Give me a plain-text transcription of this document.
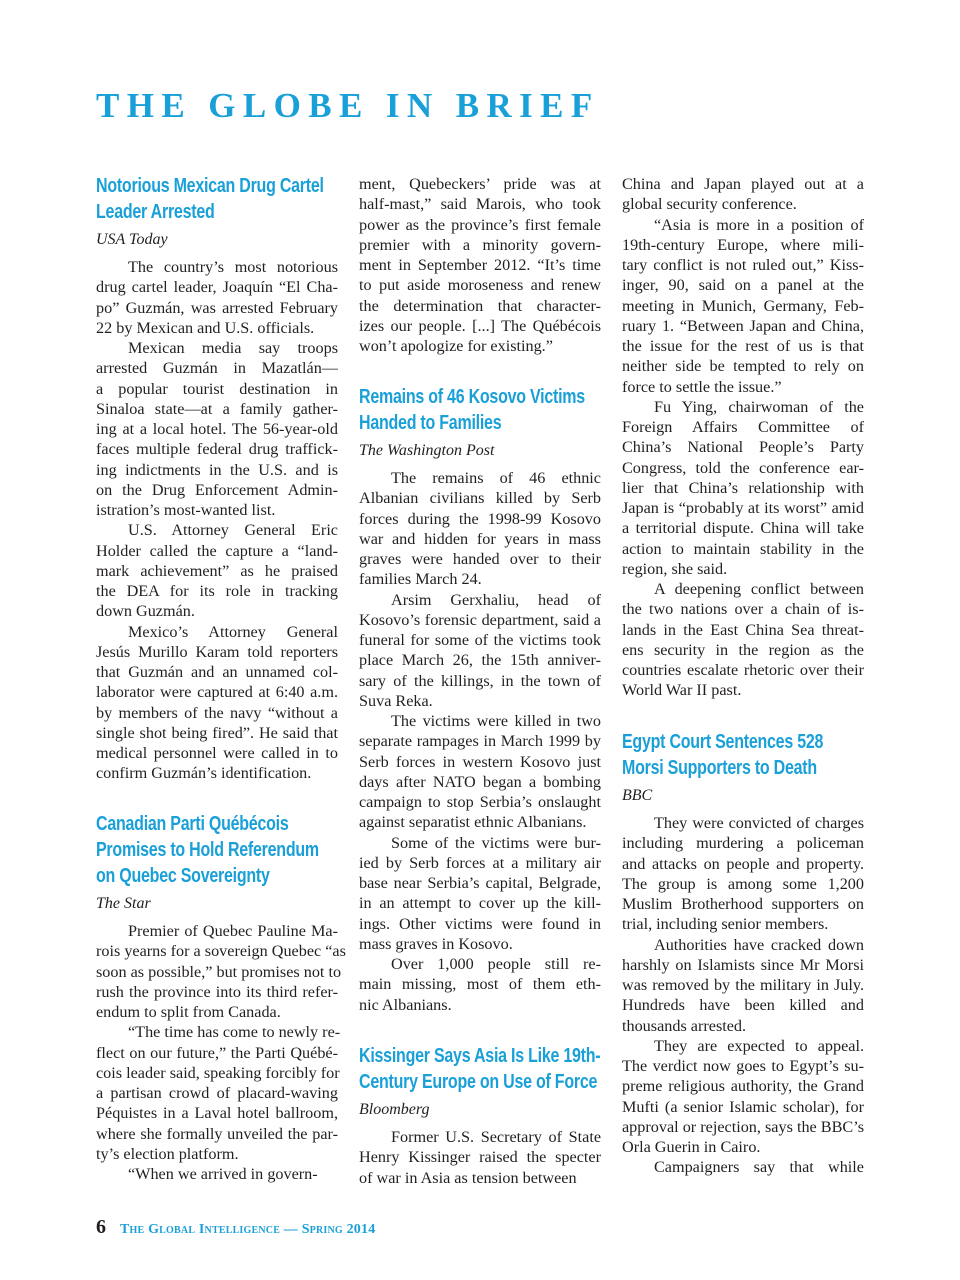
THE GLOBE IN BRIEF
Notorious Mexican Drug Cartel
Leader Arrested
USA Today
The country’s most notorious
drug cartel leader, Joaquín “El Cha-
po” Guzmán, was arrested February
22 by Mexican and U.S. officials.
Mexican media say troops
arrested Guzmán in Mazatlán—
a popular tourist destination in
Sinaloa state—at a family gather-
ing at a local hotel. The 56-year-old
faces multiple federal drug traffick-
ing indictments in the U.S. and is
on the Drug Enforcement Admin-
istration’s most-wanted list.
U.S. Attorney General Eric
Holder called the capture a “land-
mark achievement” as he praised
the DEA for its role in tracking
down Guzmán.
Mexico’s Attorney General
Jesús Murillo Karam told reporters
that Guzmán and an unnamed col-
laborator were captured at 6:40 a.m.
by members of the navy “without a
single shot being fired”. He said that
medical personnel were called in to
confirm Guzmán’s identification.
Canadian Parti Québécois
Promises to Hold Referendum
on Quebec Sovereignty
The Star
Premier of Quebec Pauline Ma-
rois yearns for a sovereign Quebec “as
soon as possible,” but promises not to
rush the province into its third refer-
endum to split from Canada.
“The time has come to newly re-
flect on our future,” the Parti Québé-
cois leader said, speaking forcibly for
a partisan crowd of placard-waving
Péquistes in a Laval hotel ballroom,
where she formally unveiled the par-
ty’s election platform.
“When we arrived in govern-
ment, Quebeckers’ pride was at
half-mast,” said Marois, who took
power as the province’s first female
premier with a minority govern-
ment in September 2012. “It’s time
to put aside moroseness and renew
the determination that character-
izes our people. [...] The Québécois
won’t apologize for existing.”
Remains of 46 Kosovo Victims
Handed to Families
The Washington Post
The remains of 46 ethnic
Albanian civilians killed by Serb
forces during the 1998-99 Kosovo
war and hidden for years in mass
graves were handed over to their
families March 24.
Arsim Gerxhaliu, head of
Kosovo’s forensic department, said a
funeral for some of the victims took
place March 26, the 15th anniver-
sary of the killings, in the town of
Suva Reka.
The victims were killed in two
separate rampages in March 1999 by
Serb forces in western Kosovo just
days after NATO began a bombing
campaign to stop Serbia’s onslaught
against separatist ethnic Albanians.
Some of the victims were bur-
ied by Serb forces at a military air
base near Serbia’s capital, Belgrade,
in an attempt to cover up the kill-
ings. Other victims were found in
mass graves in Kosovo.
Over 1,000 people still re-
main missing, most of them eth-
nic Albanians.
Kissinger Says Asia Is Like 19th-
Century Europe on Use of Force
Bloomberg
Former U.S. Secretary of State
Henry Kissinger raised the specter
of war in Asia as tension between
China and Japan played out at a
global security conference.
“Asia is more in a position of
19th-century Europe, where mili-
tary conflict is not ruled out,” Kiss-
inger, 90, said on a panel at the
meeting in Munich, Germany, Feb-
ruary 1. “Between Japan and China,
the issue for the rest of us is that
neither side be tempted to rely on
force to settle the issue.”
Fu Ying, chairwoman of the
Foreign Affairs Committee of
China’s National People’s Party
Congress, told the conference ear-
lier that China’s relationship with
Japan is “probably at its worst” amid
a territorial dispute. China will take
action to maintain stability in the
region, she said.
A deepening conflict between
the two nations over a chain of is-
lands in the East China Sea threat-
ens security in the region as the
countries escalate rhetoric over their
World War II past.
Egypt Court Sentences 528
Morsi Supporters to Death
BBC
They were convicted of charges
including murdering a policeman
and attacks on people and property.
The group is among some 1,200
Muslim Brotherhood supporters on
trial, including senior members.
Authorities have cracked down
harshly on Islamists since Mr Morsi
was removed by the military in July.
Hundreds have been killed and
thousands arrested.
They are expected to appeal.
The verdict now goes to Egypt’s su-
preme religious authority, the Grand
Mufti (a senior Islamic scholar), for
approval or rejection, says the BBC’s
Orla Guerin in Cairo.
Campaigners say that while
6 The Global Intelligence — Spring 2014
